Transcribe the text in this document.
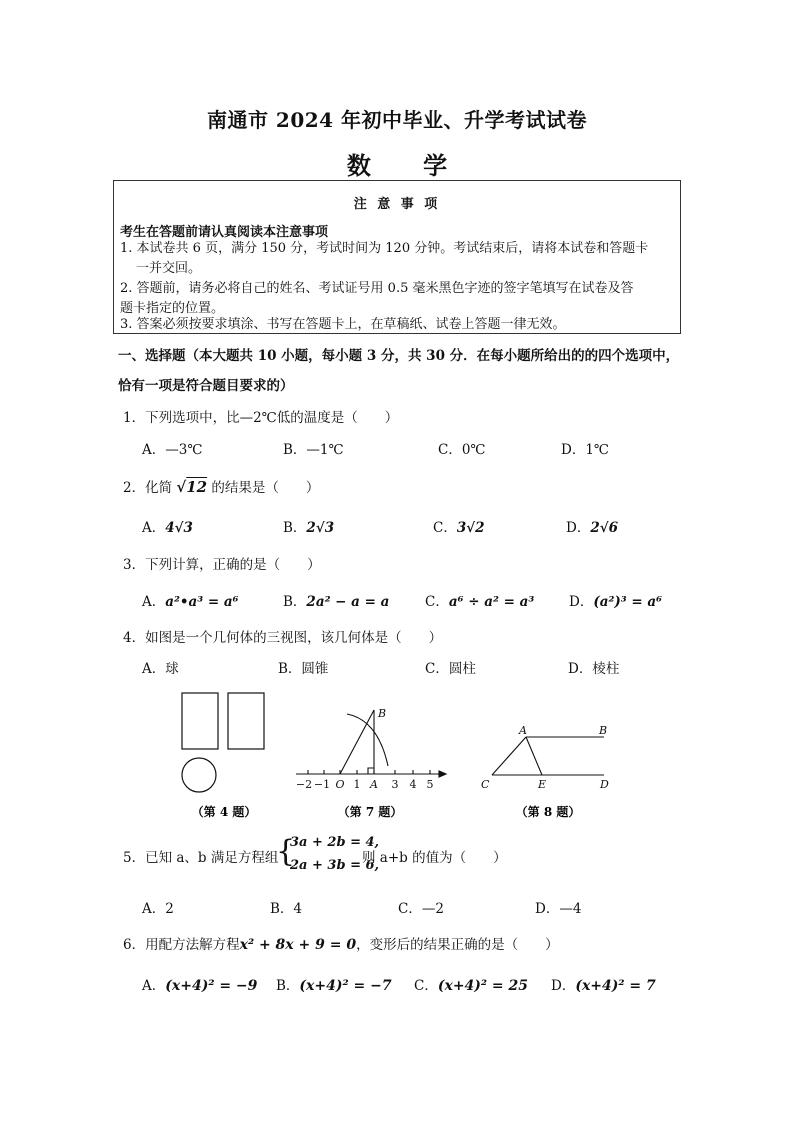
南通市 2024 年初中毕业、升学考试试卷
数 学
注 意 事 项
考生在答题前请认真阅读本注意事项
1. 本试卷共 6 页，满分 150 分，考试时间为 120 分钟。考试结束后，请将本试卷和答题卡
一并交回。
2. 答题前，请务必将自己的姓名、考试证号用 0.5 毫米黑色字迹的签字笔填写在试卷及答
题卡指定的位置。
3. 答案必须按要求填涂、书写在答题卡上，在草稿纸、试卷上答题一律无效。
一、选择题（本大题共 10 小题，每小题 3 分，共 30 分．在每小题所给出的的四个选项中，
恰有一项是符合题目要求的）
1．下列选项中，比—2℃低的温度是（　　）
A．—3℃	B．—1℃	C．0℃	D．1℃
2．化简 √12 的结果是（　　）
A．4√3	B．2√3	C．3√2	D．2√6
3．下列计算，正确的是（　　）
A．a²•a³ = a⁶	B．2a² − a = a	C．a⁶ ÷ a² = a³	D．(a²)³ = a⁶
4．如图是一个几何体的三视图，该几何体是（　　）
A．球	B．圆锥	C．圆柱	D．棱柱
（第 4 题）
−2 −1 O 1 A 3 4 5
B
（第 7 题）
A	B
C	E	D
（第 8 题）
5．已知 a、b 满足方程组
{
3a + 2b = 4,
2a + 3b = 6,
则 a+b 的值为（　　）
A．2	B．4	C．—2	D．—4
6．用配方法解方程x² + 8x + 9 = 0，变形后的结果正确的是（　　）
A．(x+4)² = −9 B．(x+4)² = −7 C．(x+4)² = 25 D．(x+4)² = 7
